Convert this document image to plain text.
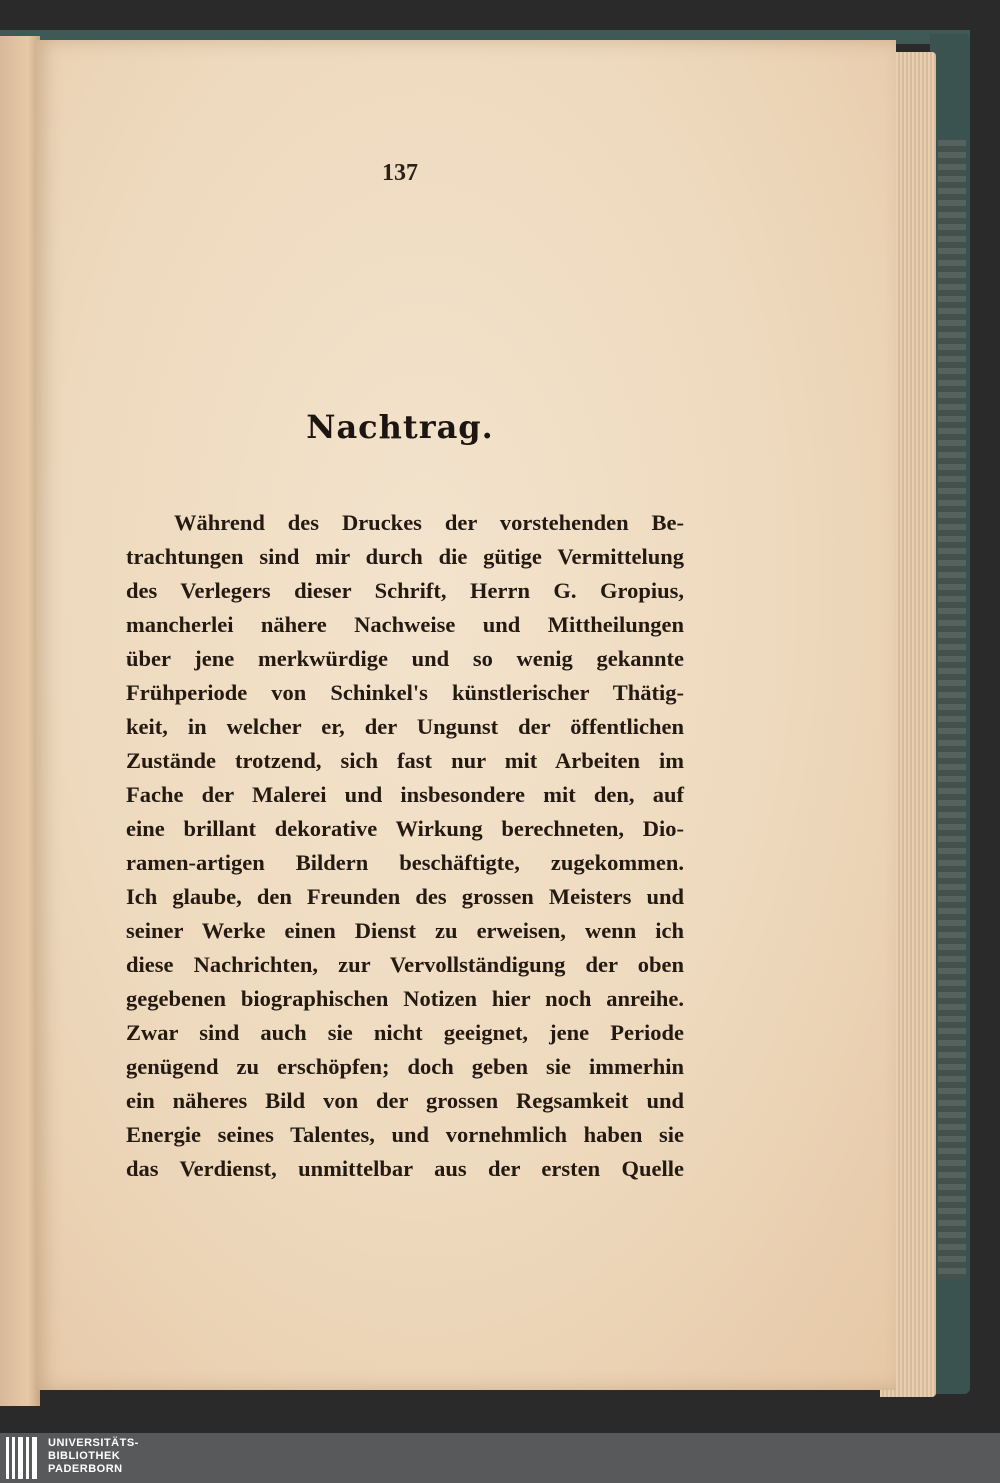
137
Nachtrag.
Während des Druckes der vorstehenden Be-
trachtungen sind mir durch die gütige Vermittelung
des Verlegers dieser Schrift, Herrn G. Gropius,
mancherlei nähere Nachweise und Mittheilungen
über jene merkwürdige und so wenig gekannte
Frühperiode von Schinkel's künstlerischer Thätig-
keit, in welcher er, der Ungunst der öffentlichen
Zustände trotzend, sich fast nur mit Arbeiten im
Fache der Malerei und insbesondere mit den, auf
eine brillant dekorative Wirkung berechneten, Dio-
ramen-artigen Bildern beschäftigte, zugekommen.
Ich glaube, den Freunden des grossen Meisters und
seiner Werke einen Dienst zu erweisen, wenn ich
diese Nachrichten, zur Vervollständigung der oben
gegebenen biographischen Notizen hier noch anreihe.
Zwar sind auch sie nicht geeignet, jene Periode
genügend zu erschöpfen; doch geben sie immerhin
ein näheres Bild von der grossen Regsamkeit und
Energie seines Talentes, und vornehmlich haben sie
das Verdienst, unmittelbar aus der ersten Quelle
UNIVERSITÄTS-
BIBLIOTHEK
PADERBORN
